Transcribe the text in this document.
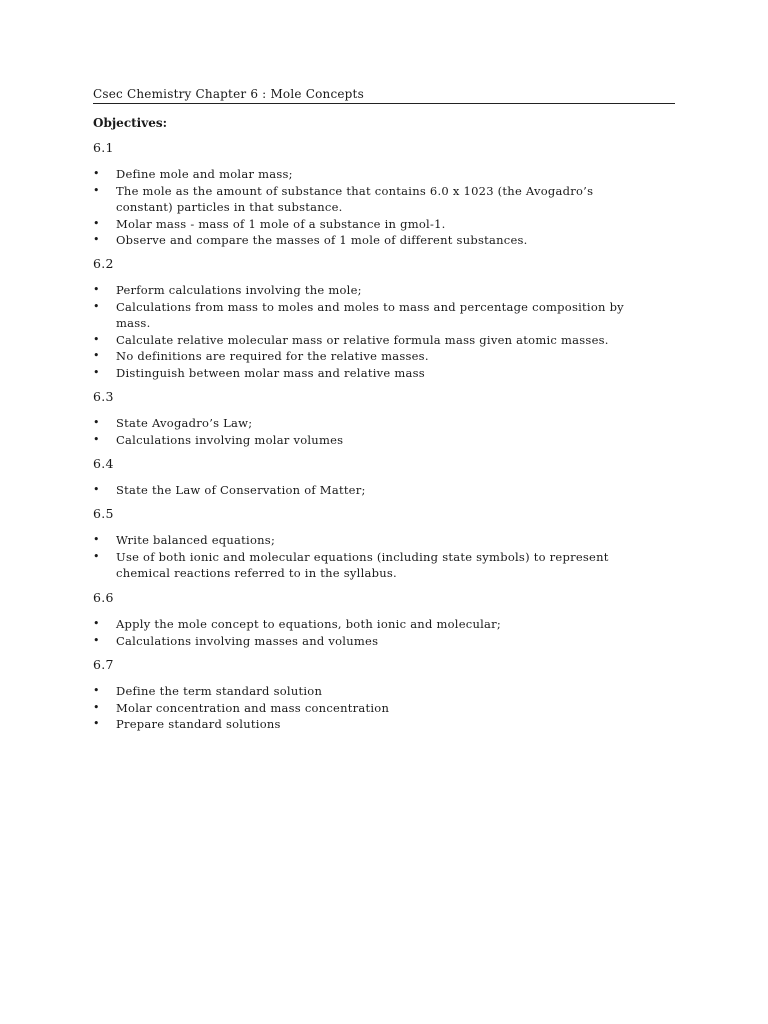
Csec Chemistry Chapter 6 : Mole Concepts
Objectives:

6.1

• Define mole and molar mass;
• The mole as the amount of substance that contains 6.0 x 1023 (the Avogadro’s constant) particles in that substance.
• Molar mass - mass of 1 mole of a substance in gmol-1.
• Observe and compare the masses of 1 mole of different substances.

6.2

• Perform calculations involving the mole;
• Calculations from mass to moles and moles to mass and percentage composition by mass.
• Calculate relative molecular mass or relative formula mass given atomic masses.
• No definitions are required for the relative masses.
• Distinguish between molar mass and relative mass

6.3

• State Avogadro’s Law;
• Calculations involving molar volumes

6.4

• State the Law of Conservation of Matter;

6.5

• Write balanced equations;
• Use of both ionic and molecular equations (including state symbols) to represent chemical reactions referred to in the syllabus.

6.6

• Apply the mole concept to equations, both ionic and molecular;
• Calculations involving masses and volumes

6.7

• Define the term standard solution
• Molar concentration and mass concentration
• Prepare standard solutions
